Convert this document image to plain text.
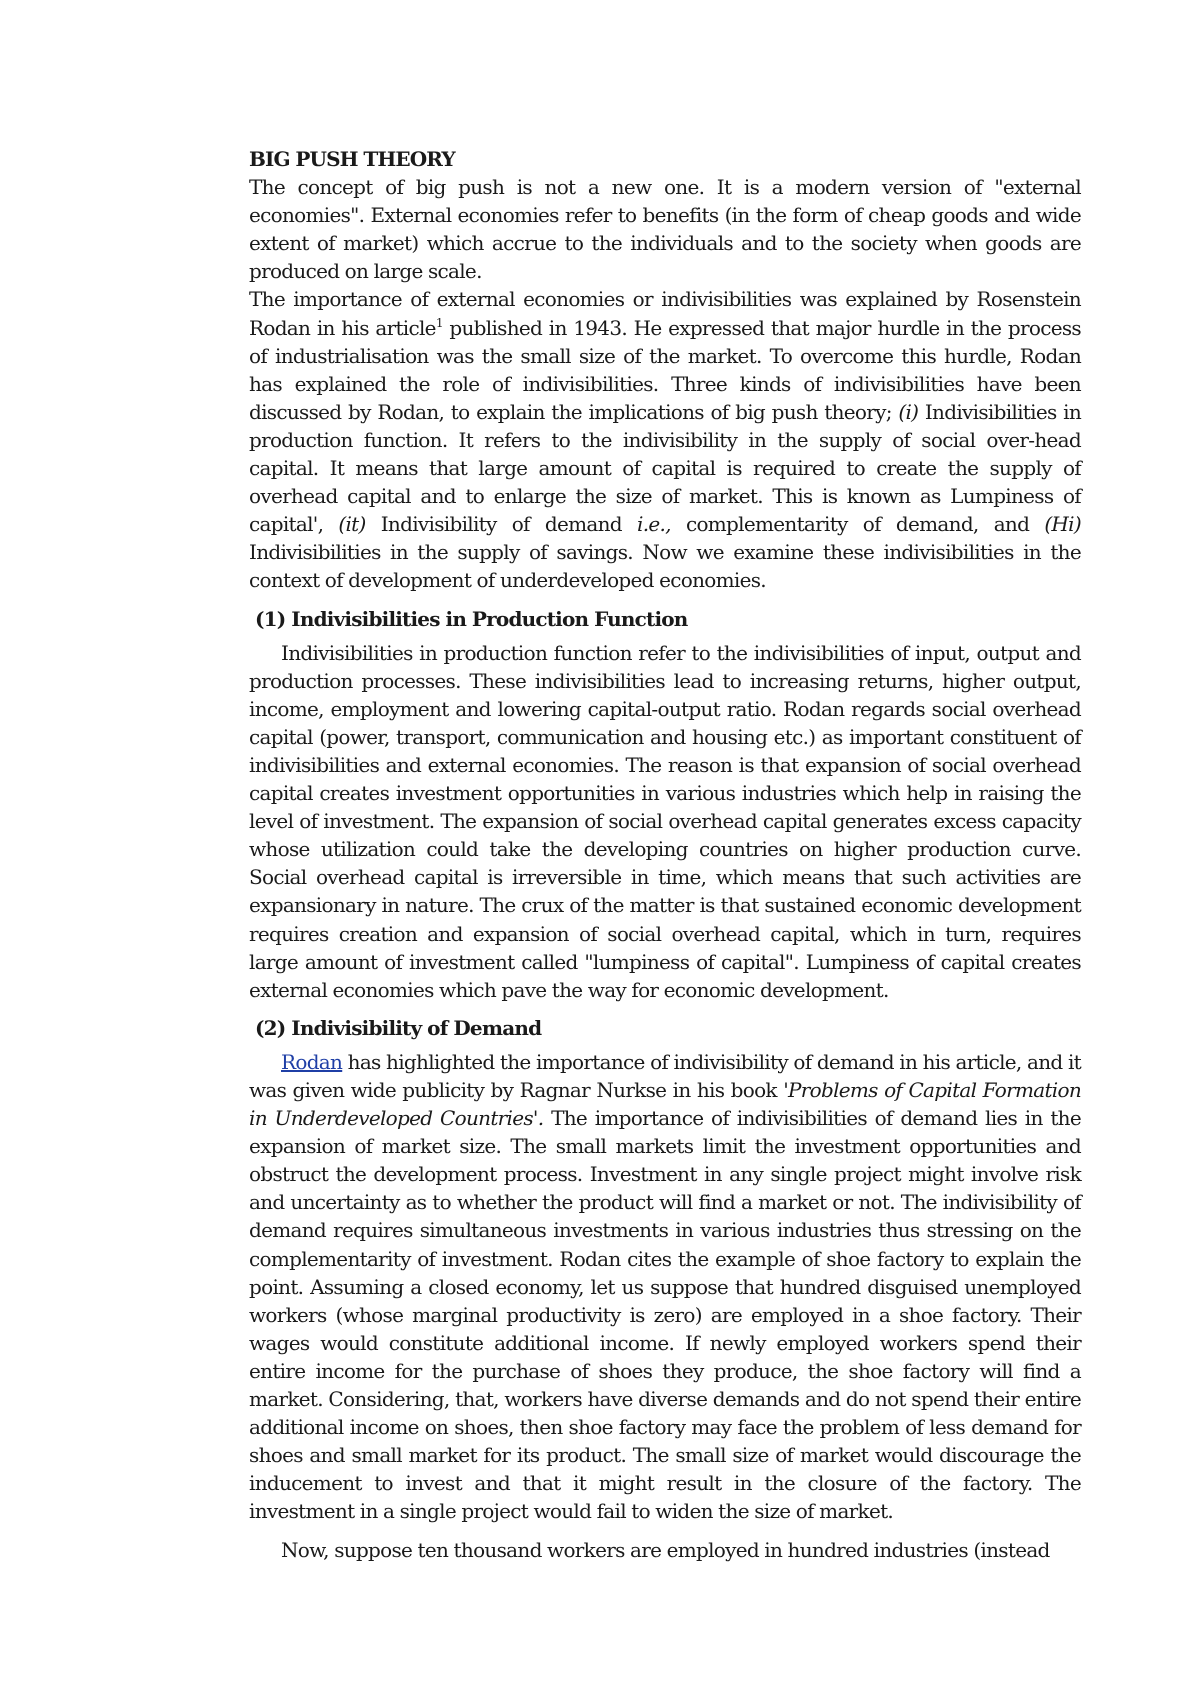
BIG PUSH THEORY

The concept of big push is not a new one. It is a modern version of "external economies". External economies refer to benefits (in the form of cheap goods and wide extent of market) which accrue to the individuals and to the society when goods are produced on large scale.

The importance of external economies or indivisibilities was explained by Rosenstein Rodan in his article$^1$ published in 1943. He expressed that major hurdle in the process of industrialisation was the small size of the market. To overcome this hurdle, Rodan has explained the role of indivisibilities. Three kinds of indivisibilities have been discussed by Rodan, to explain the implications of big push theory; (i) Indivisibilities in production function. It refers to the indivisibility in the supply of social over-head capital. It means that large amount of capital is required to create the supply of overhead capital and to enlarge the size of market. This is known as Lumpiness of capital', (it) Indivisibility of demand i.e., complementarity of demand, and (Hi) Indivisibilities in the supply of savings. Now we examine these indivisibilities in the context of development of underdeveloped economies.

(1) Indivisibilities in Production Function

Indivisibilities in production function refer to the indivisibilities of input, output and production processes. These indivisibilities lead to increasing returns, higher output, income, employment and lowering capital-output ratio. Rodan regards social overhead capital (power, transport, communication and housing etc.) as important constituent of indivisibilities and external economies. The reason is that expansion of social overhead capital creates investment opportunities in various industries which help in raising the level of investment. The expansion of social overhead capital generates excess capacity whose utilization could take the developing countries on higher production curve. Social overhead capital is irreversible in time, which means that such activities are expansionary in nature. The crux of the matter is that sustained economic development requires creation and expansion of social overhead capital, which in turn, requires large amount of investment called "lumpiness of capital". Lumpiness of capital creates external economies which pave the way for economic development.

(2) Indivisibility of Demand

Rodan has highlighted the importance of indivisibility of demand in his article, and it was given wide publicity by Ragnar Nurkse in his book 'Problems of Capital Formation in Underdeveloped Countries'. The importance of indivisibilities of demand lies in the expansion of market size. The small markets limit the investment opportunities and obstruct the development process. Investment in any single project might involve risk and uncertainty as to whether the product will find a market or not. The indivisibility of demand requires simultaneous investments in various industries thus stressing on the complementarity of investment. Rodan cites the example of shoe factory to explain the point. Assuming a closed economy, let us suppose that hundred disguised unemployed workers (whose marginal productivity is zero) are employed in a shoe factory. Their wages would constitute additional income. If newly employed workers spend their entire income for the purchase of shoes they produce, the shoe factory will find a market. Considering, that, workers have diverse demands and do not spend their entire additional income on shoes, then shoe factory may face the problem of less demand for shoes and small market for its product. The small size of market would discourage the inducement to invest and that it might result in the closure of the factory. The investment in a single project would fail to widen the size of market.

Now, suppose ten thousand workers are employed in hundred industries (instead
